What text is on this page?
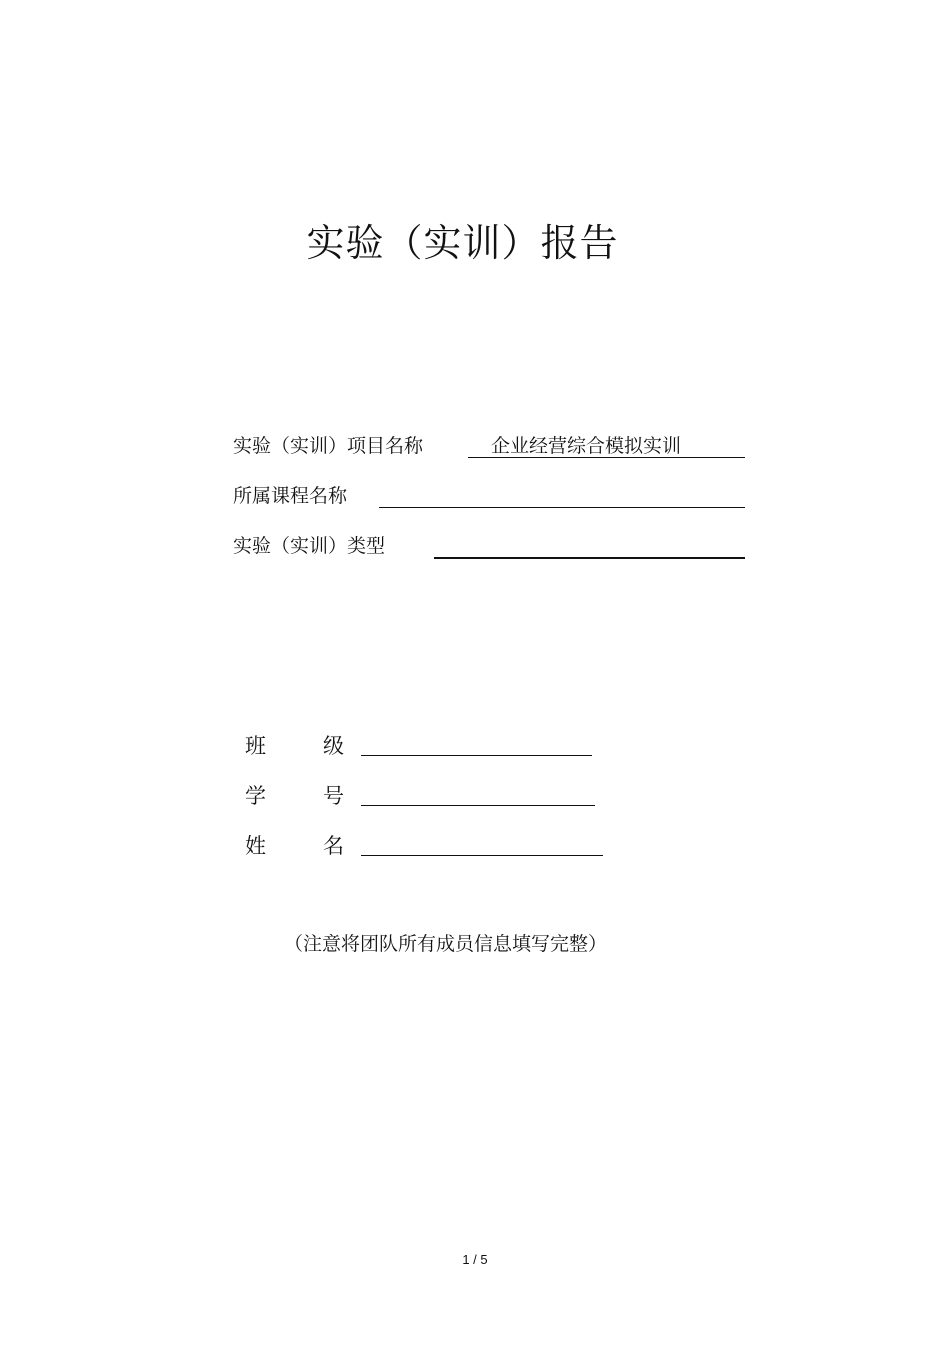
实验（实训）报告
实验（实训）项目名称	企业经营综合模拟实训
所属课程名称
实验（实训）类型
班	级
学	号
姓	名
（注意将团队所有成员信息填写完整）
1 / 5
